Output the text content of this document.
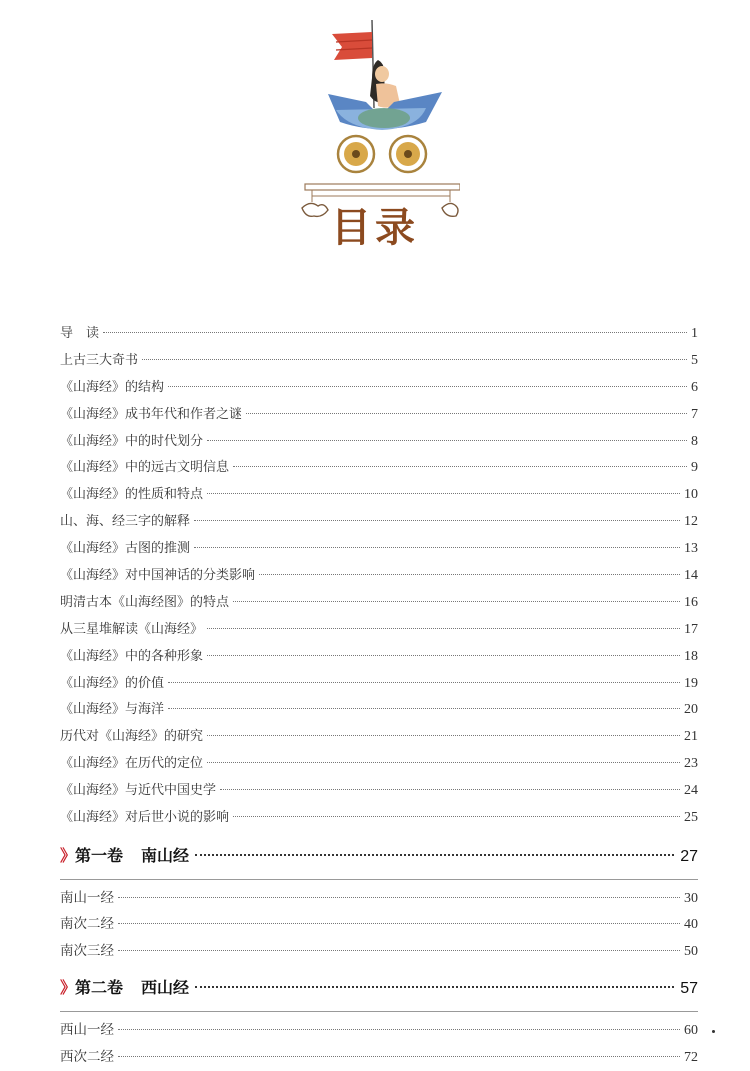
目录
导　读	1
上古三大奇书	5
《山海经》的结构	6
《山海经》成书年代和作者之谜	7
《山海经》中的时代划分	8
《山海经》中的远古文明信息	9
《山海经》的性质和特点	10
山、海、经三字的解释	12
《山海经》古图的推测	13
《山海经》对中国神话的分类影响	14
明清古本《山海经图》的特点	16
从三星堆解读《山海经》	17
《山海经》中的各种形象	18
《山海经》的价值	19
《山海经》与海洋	20
历代对《山海经》的研究	21
《山海经》在历代的定位	23
《山海经》与近代中国史学	24
《山海经》对后世小说的影响	25
》 第一卷 南山经	27
南山一经	30
南次二经	40
南次三经	50
》 第二卷 西山经	57
西山一经	60
西次二经	72
